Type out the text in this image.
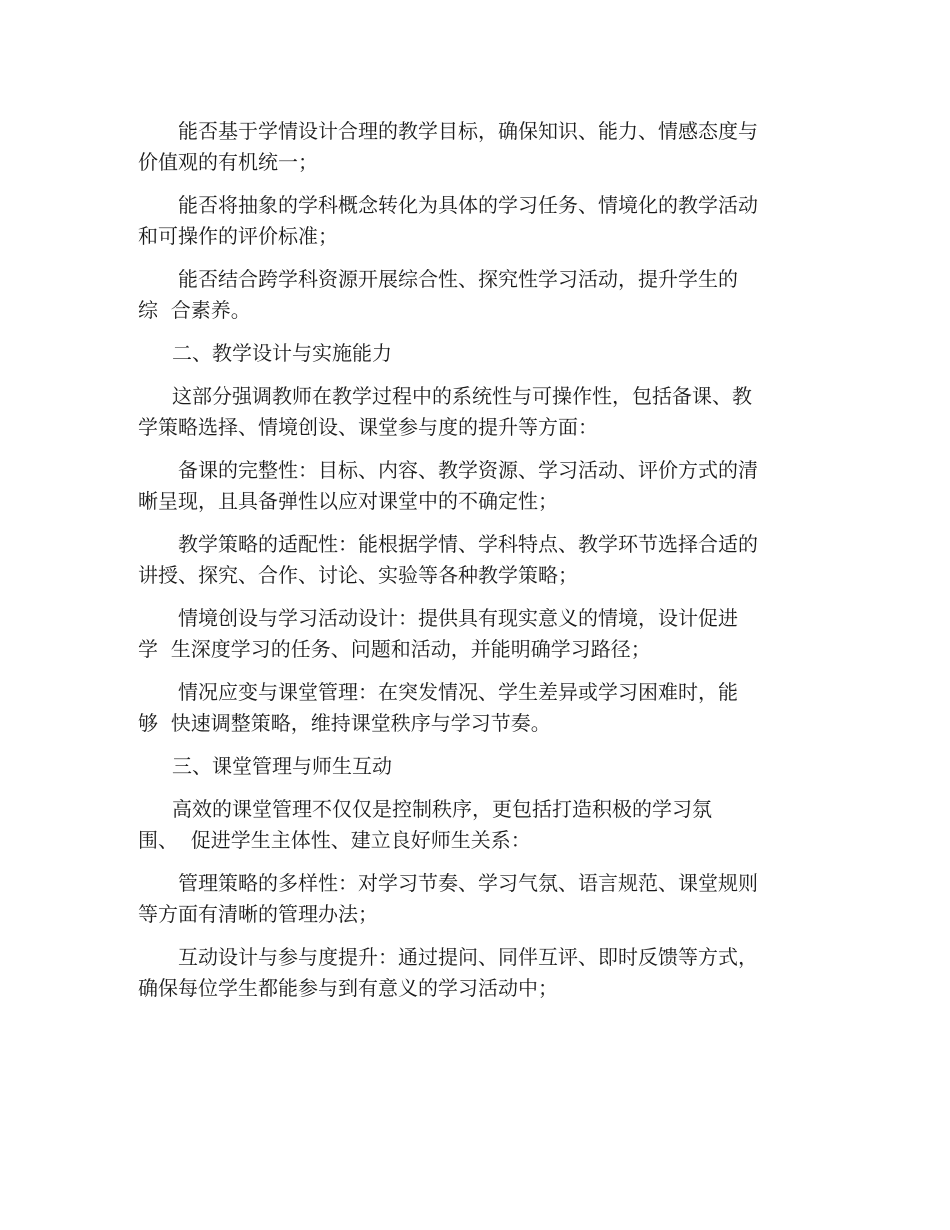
能否基于学情设计合理的教学目标，确保知识、能力、情感态度与
价值观的有机统一；
能否将抽象的学科概念转化为具体的学习任务、情境化的教学活动
和可操作的评价标准；
能否结合跨学科资源开展综合性、探究性学习活动，提升学生的
综  合素养。
二、教学设计与实施能力
这部分强调教师在教学过程中的系统性与可操作性，包括备课、教
学策略选择、情境创设、课堂参与度的提升等方面：
备课的完整性：目标、内容、教学资源、学习活动、评价方式的清
晰呈现，且具备弹性以应对课堂中的不确定性；
教学策略的适配性：能根据学情、学科特点、教学环节选择合适的
讲授、探究、合作、讨论、实验等各种教学策略；
情境创设与学习活动设计：提供具有现实意义的情境，设计促进
学  生深度学习的任务、问题和活动，并能明确学习路径；
情况应变与课堂管理：在突发情况、学生差异或学习困难时，能
够  快速调整策略，维持课堂秩序与学习节奏。
三、课堂管理与师生互动
高效的课堂管理不仅仅是控制秩序，更包括打造积极的学习氛
围、  促进学生主体性、建立良好师生关系：
管理策略的多样性：对学习节奏、学习气氛、语言规范、课堂规则
等方面有清晰的管理办法；
互动设计与参与度提升：通过提问、同伴互评、即时反馈等方式，
确保每位学生都能参与到有意义的学习活动中；
